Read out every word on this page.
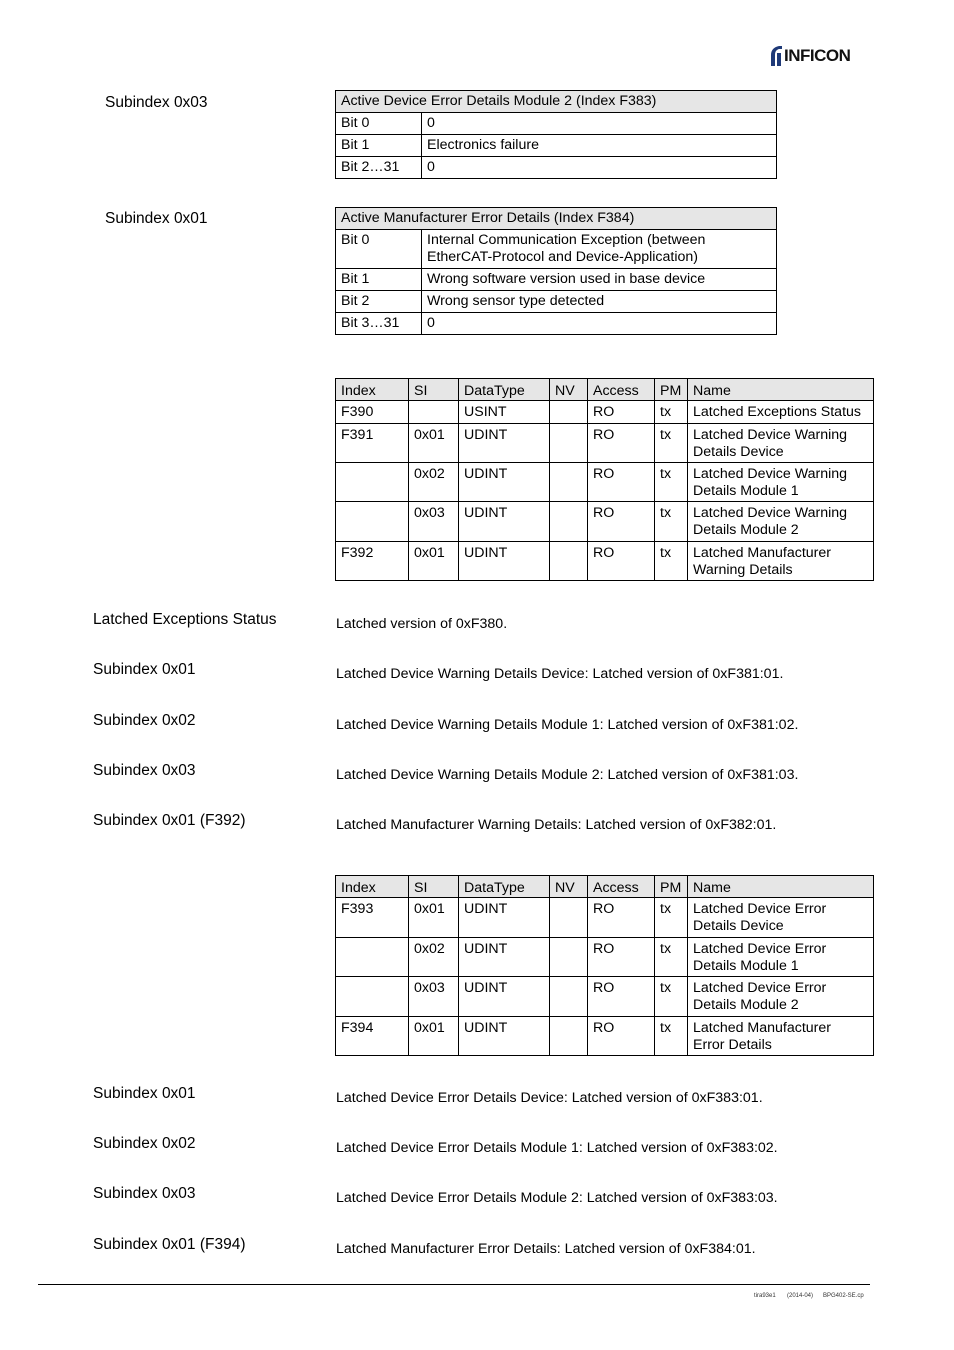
INFICON
Subindex 0x03	Active Device Error Details Module 2 (Index F383)	
Bit 0	0
Bit 1	Electronics failure
Bit 2…31	0
Subindex 0x01	Active Manufacturer Error Details (Index F384)	
Bit 0	Internal Communication Exception (between
EtherCAT-Protocol and Device-Application)

Bit 1	Wrong software version used in base device
Bit 2	Wrong sensor type detected
Bit 3…31	0
Index	SI	DataType	NV	Access	PM	Name
F390		USINT		RO	tx	Latched Exceptions Status

F391	0x01	UDINT		RO	tx	Latched Device Warning
Details Device

	0x02	UDINT		RO	tx	Latched Device Warning
Details Module 1

	0x03	UDINT		RO	tx	Latched Device Warning
Details Module 2

F392	0x01	UDINT		RO	tx	Latched Manufacturer
Warning Details
Latched Exceptions Status	Latched version of 0xF380.
Subindex 0x01	Latched Device Warning Details Device: Latched version of 0xF381:01.
Subindex 0x02	Latched Device Warning Details Module 1: Latched version of 0xF381:02.
Subindex 0x03	Latched Device Warning Details Module 2: Latched version of 0xF381:03.
Subindex 0x01 (F392)	Latched Manufacturer Warning Details: Latched version of 0xF382:01.
Index	SI	DataType	NV	Access	PM	Name
F393	0x01	UDINT		RO	tx	Latched Device Error
Details Device

	0x02	UDINT		RO	tx	Latched Device Error
Details Module 1

	0x03	UDINT		RO	tx	Latched Device Error
Details Module 2

F394	0x01	UDINT		RO	tx	Latched Manufacturer
Error Details
Subindex 0x01	Latched Device Error Details Device: Latched version of 0xF383:01.
Subindex 0x02	Latched Device Error Details Module 1: Latched version of 0xF383:02.
Subindex 0x03	Latched Device Error Details Module 2: Latched version of 0xF383:03.
Subindex 0x01 (F394)	Latched Manufacturer Error Details: Latched version of 0xF384:01.
tira93e1 (2014-04) BPG402-SE.cp
